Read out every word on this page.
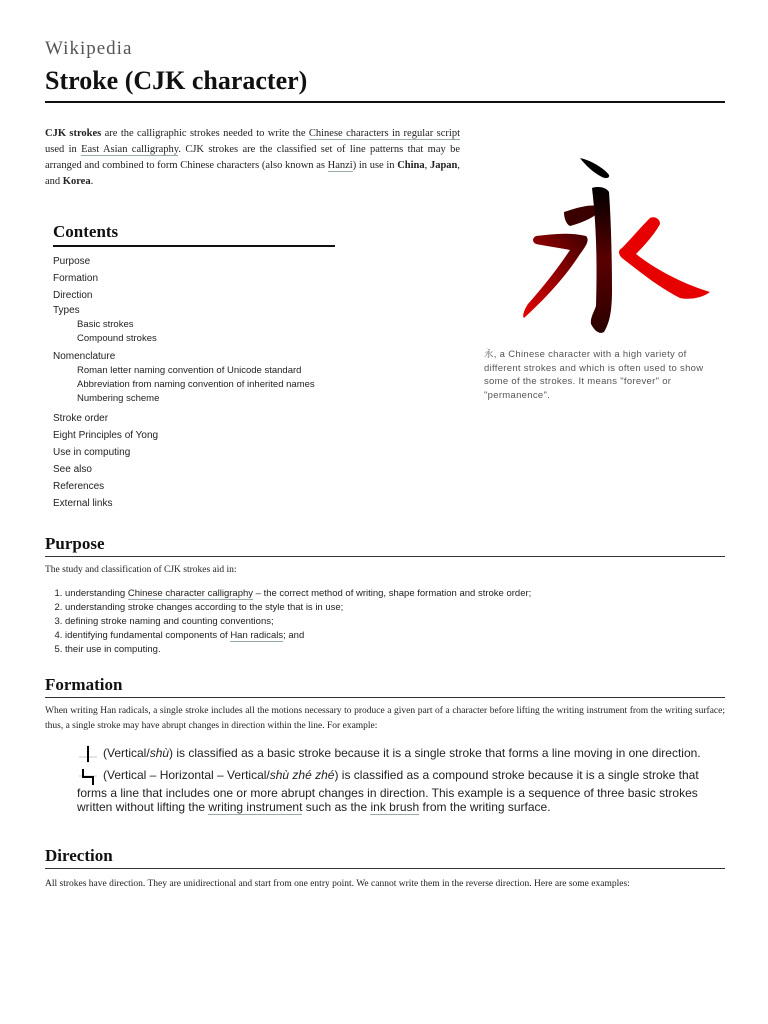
Wikipedia
Stroke (CJK character)
CJK strokes are the calligraphic strokes needed to write the Chinese characters in regular script used in East Asian calligraphy. CJK strokes are the classified set of line patterns that may be arranged and combined to form Chinese characters (also known as Hanzi) in use in China, Japan, and Korea.
永, a Chinese character with a high variety of different strokes and which is often used to show some of the strokes. It means "forever" or "permanence".
Contents
Purpose
Formation
Direction
Types
Basic strokes
Compound strokes
Nomenclature
Roman letter naming convention of Unicode standard
Abbreviation from naming convention of inherited names
Numbering scheme
Stroke order
Eight Principles of Yong
Use in computing
See also
References
External links
Purpose

The study and classification of CJK strokes aid in:

1. understanding Chinese character calligraphy – the correct method of writing, shape formation and stroke order;
2. understanding stroke changes according to the style that is in use;
3. defining stroke naming and counting conventions;
4. identifying fundamental components of Han radicals; and
5. their use in computing.
Formation

When writing Han radicals, a single stroke includes all the motions necessary to produce a given part of a character before lifting the writing instrument from the writing surface; thus, a single stroke may have abrupt changes in direction within the line. For example:

(Vertical/shù) is classified as a basic stroke because it is a single stroke that forms a line moving in one direction.
(Vertical – Horizontal – Vertical/shù zhé zhé) is classified as a compound stroke because it is a single stroke that forms a line that includes one or more abrupt changes in direction. This example is a sequence of three basic strokes written without lifting the writing instrument such as the ink brush from the writing surface.
Direction

All strokes have direction. They are unidirectional and start from one entry point. We cannot write them in the reverse direction. Here are some examples:
